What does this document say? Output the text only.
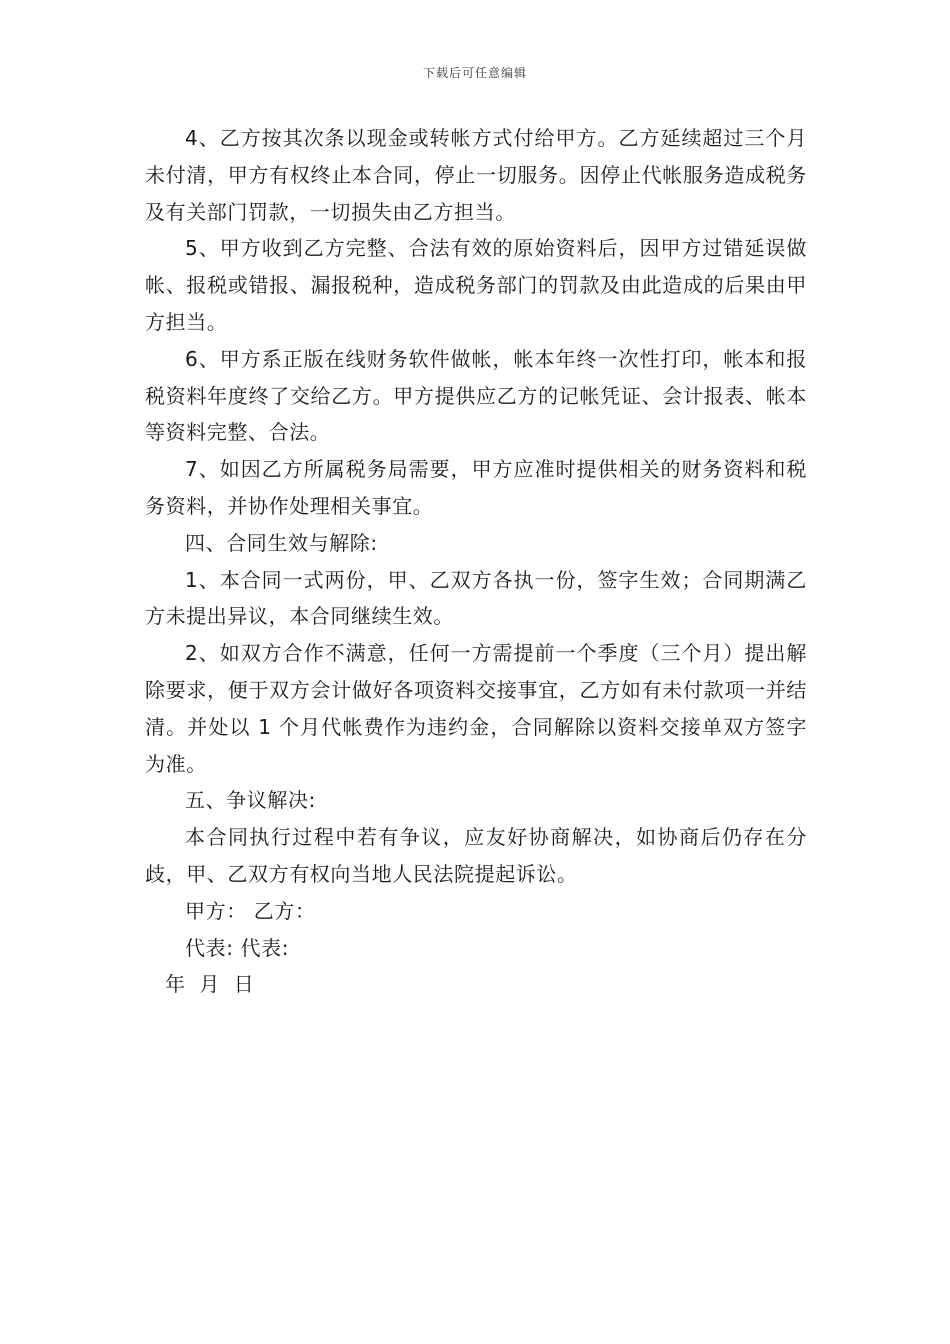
下载后可任意编辑

4、乙方按其次条以现金或转帐方式付给甲方。乙方延续超过三个月未付清，甲方有权终止本合同，停止一切服务。因停止代帐服务造成税务及有关部门罚款，一切损失由乙方担当。

5、甲方收到乙方完整、合法有效的原始资料后，因甲方过错延误做帐、报税或错报、漏报税种，造成税务部门的罚款及由此造成的后果由甲方担当。

6、甲方系正版在线财务软件做帐，帐本年终一次性打印，帐本和报税资料年度终了交给乙方。甲方提供应乙方的记帐凭证、会计报表、帐本等资料完整、合法。

7、如因乙方所属税务局需要，甲方应准时提供相关的财务资料和税务资料，并协作处理相关事宜。

四、合同生效与解除:

1、本合同一式两份，甲、乙双方各执一份，签字生效；合同期满乙方未提出异议，本合同继续生效。

2、如双方合作不满意，任何一方需提前一个季度（三个月）提出解除要求，便于双方会计做好各项资料交接事宜，乙方如有未付款项一并结清。并处以 1 个月代帐费作为违约金，合同解除以资料交接单双方签字为准。

五、争议解决:

本合同执行过程中若有争议，应友好协商解决，如协商后仍存在分歧，甲、乙双方有权向当地人民法院提起诉讼。

甲方： 乙方：

代表: 代表:

年 月 日
